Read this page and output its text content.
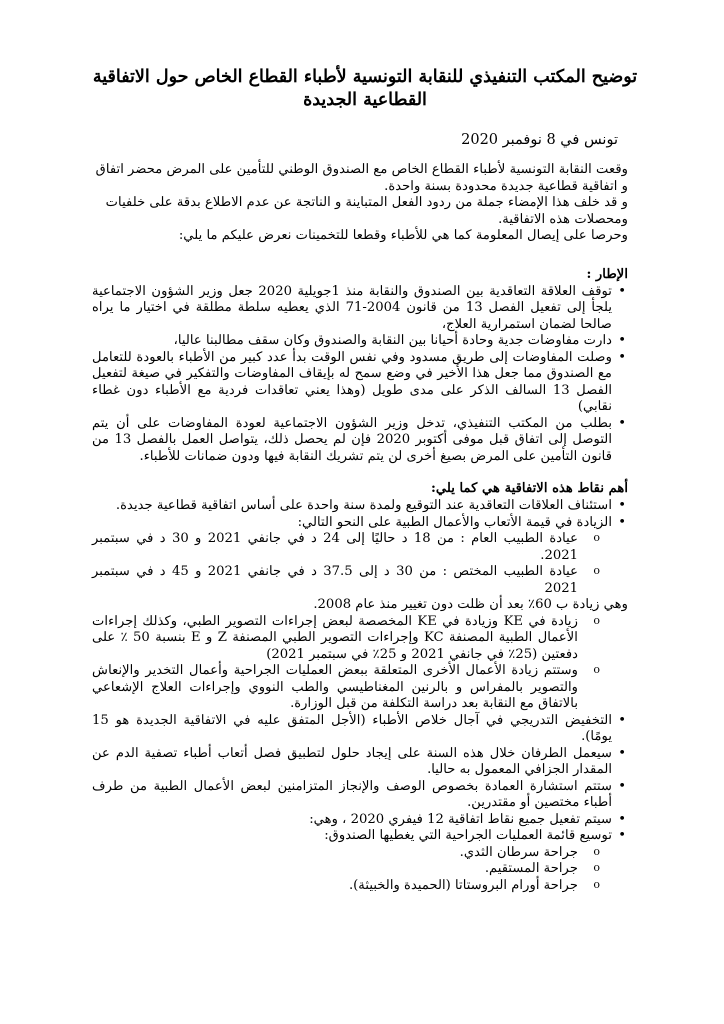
توضيح المكتب التنفيذي للنقابة التونسية لأطباء القطاع الخاص حول الاتفاقية القطاعية الجديدة
تونس في 8 نوفمبر 2020
وقعت النقابة التونسية لأطباء القطاع الخاص مع الصندوق الوطني للتأمين على المرض محضر اتفاق و اتفاقية قطاعية جديدة محدودة بسنة واحدة.
و قد خلف هذا الإمضاء جملة من ردود الفعل المتباينة و الناتجة عن عدم الاطلاع بدقة على خلفيات ومحصلات هذه الاتفاقية.
وحرصا على إيصال المعلومة كما هي للأطباء وقطعا للتخمينات نعرض عليكم ما يلي:
الإطار :
• توقف العلاقة التعاقدية بين الصندوق والنقابة منذ 1جويلية 2020 جعل وزير الشؤون الاجتماعية يلجأ إلى تفعيل الفصل 13 من قانون 2004-71 الذي يعطيه سلطة مطلقة في اختيار ما يراه صالحا لضمان استمرارية العلاج،
• دارت مفاوضات جدية وحادة أحيانا بين النقابة والصندوق وكان سقف مطالبنا عاليا،
• وصلت المفاوضات إلى طريق مسدود وفي نفس الوقت بدأ عدد كبير من الأطباء بالعودة للتعامل مع الصندوق مما جعل هذا الأخير في وضع سمح له بإيقاف المفاوضات والتفكير في صيغة لتفعيل الفصل 13 السالف الذكر على مدى طويل (وهذا يعني تعاقدات فردية مع الأطباء دون غطاء نقابي)
• بطلب من المكتب التنفيذي، تدخل وزير الشؤون الاجتماعية لعودة المفاوضات على أن يتم التوصل إلى اتفاق قبل موفى أكتوبر 2020 فإن لم يحصل ذلك، يتواصل العمل بالفصل 13 من قانون التأمين على المرض بصيغ أخرى لن يتم تشريك النقابة فيها ودون ضمانات للأطباء.
أهم نقاط هذه الاتفاقية هي كما يلي:
• استئناف العلاقات التعاقدية عند التوقيع ولمدة سنة واحدة على أساس اتفاقية قطاعية جديدة.
• الزيادة في قيمة الأتعاب والأعمال الطبية على النحو التالي:
o عيادة الطبيب العام : من 18 د حاليًا إلى 24 د في جانفي 2021 و 30 د في سبتمبر 2021.
o عيادة الطبيب المختص : من 30 د إلى 37.5 د في جانفي 2021 و 45 د في سبتمبر 2021
وهي زيادة ب 60٪ بعد أن ظلت دون تغيير منذ عام 2008.
o زيادة في KE وزيادة في KE المخصصة لبعض إجراءات التصوير الطبي، وكذلك إجراءات الأعمال الطبية المصنفة KC وإجراءات التصوير الطبي المصنفة Z و E بنسبة 50 ٪ على دفعتين (25٪ في جانفي 2021 و 25٪ في سبتمبر 2021)
o وستتم زيادة الأعمال الأخرى المتعلقة ببعض العمليات الجراحية وأعمال التخدير والإنعاش والتصوير بالمفراس و بالرنين المغناطيسي والطب النووي وإجراءات العلاج الإشعاعي بالاتفاق مع النقابة بعد دراسة التكلفة من قبل الوزارة.
• التخفيض التدريجي في آجال خلاص الأطباء (الأجل المتفق عليه في الاتفاقية الجديدة هو 15 يومًا).
• سيعمل الطرفان خلال هذه السنة على إيجاد حلول لتطبيق فصل أتعاب أطباء تصفية الدم عن المقدار الجزافي المعمول به حاليا.
• ستتم استشارة العمادة بخصوص الوصف والإنجاز المتزامنين لبعض الأعمال الطبية من طرف أطباء مختصين أو مقتدرين.
• سيتم تفعيل جميع نقاط اتفاقية 12 فيفري 2020 ، وهي:
• توسيع قائمة العمليات الجراحية التي يغطيها الصندوق:
o جراحة سرطان الثدي.
o جراحة المستقيم.
o جراحة أورام البروستاتا (الحميدة والخبيثة).
